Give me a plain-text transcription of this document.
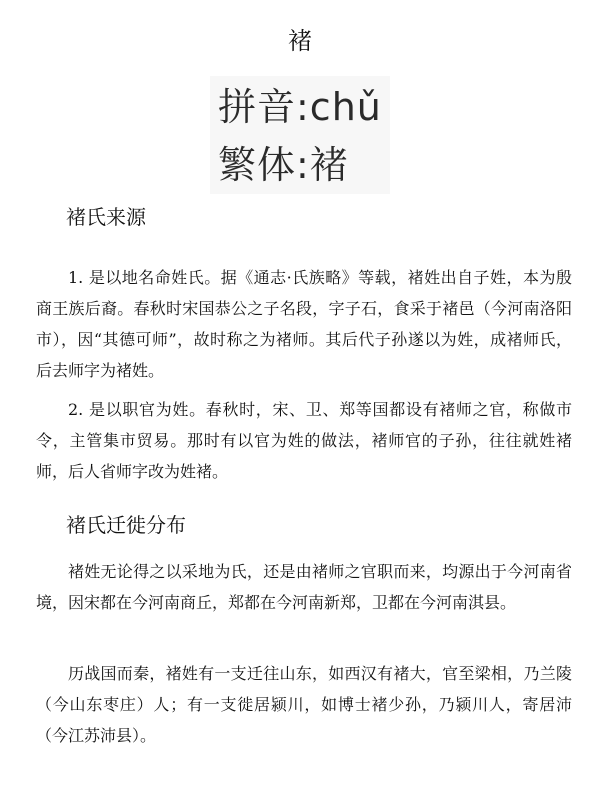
褚
拼音:chǔ
繁体:褚
褚氏来源

1. 是以地名命姓氏。据《通志·氏族略》等载，褚姓出自子姓，本为殷商王族后裔。春秋时宋国恭公之子名段，字子石，食采于褚邑（今河南洛阳市），因“其德可师”，故时称之为褚师。其后代子孙遂以为姓，成褚师氏，后去师字为褚姓。

2. 是以职官为姓。春秋时，宋、卫、郑等国都设有褚师之官，称做市令，主管集市贸易。那时有以官为姓的做法，褚师官的子孙，往往就姓褚师，后人省师字改为姓褚。

褚氏迁徙分布

褚姓无论得之以采地为氏，还是由褚师之官职而来，均源出于今河南省境，因宋都在今河南商丘，郑都在今河南新郑，卫都在今河南淇县。

历战国而秦，褚姓有一支迁往山东，如西汉有褚大，官至梁相，乃兰陵（今山东枣庄）人；有一支徙居颍川，如博士褚少孙，乃颍川人，寄居沛（今江苏沛县）。
